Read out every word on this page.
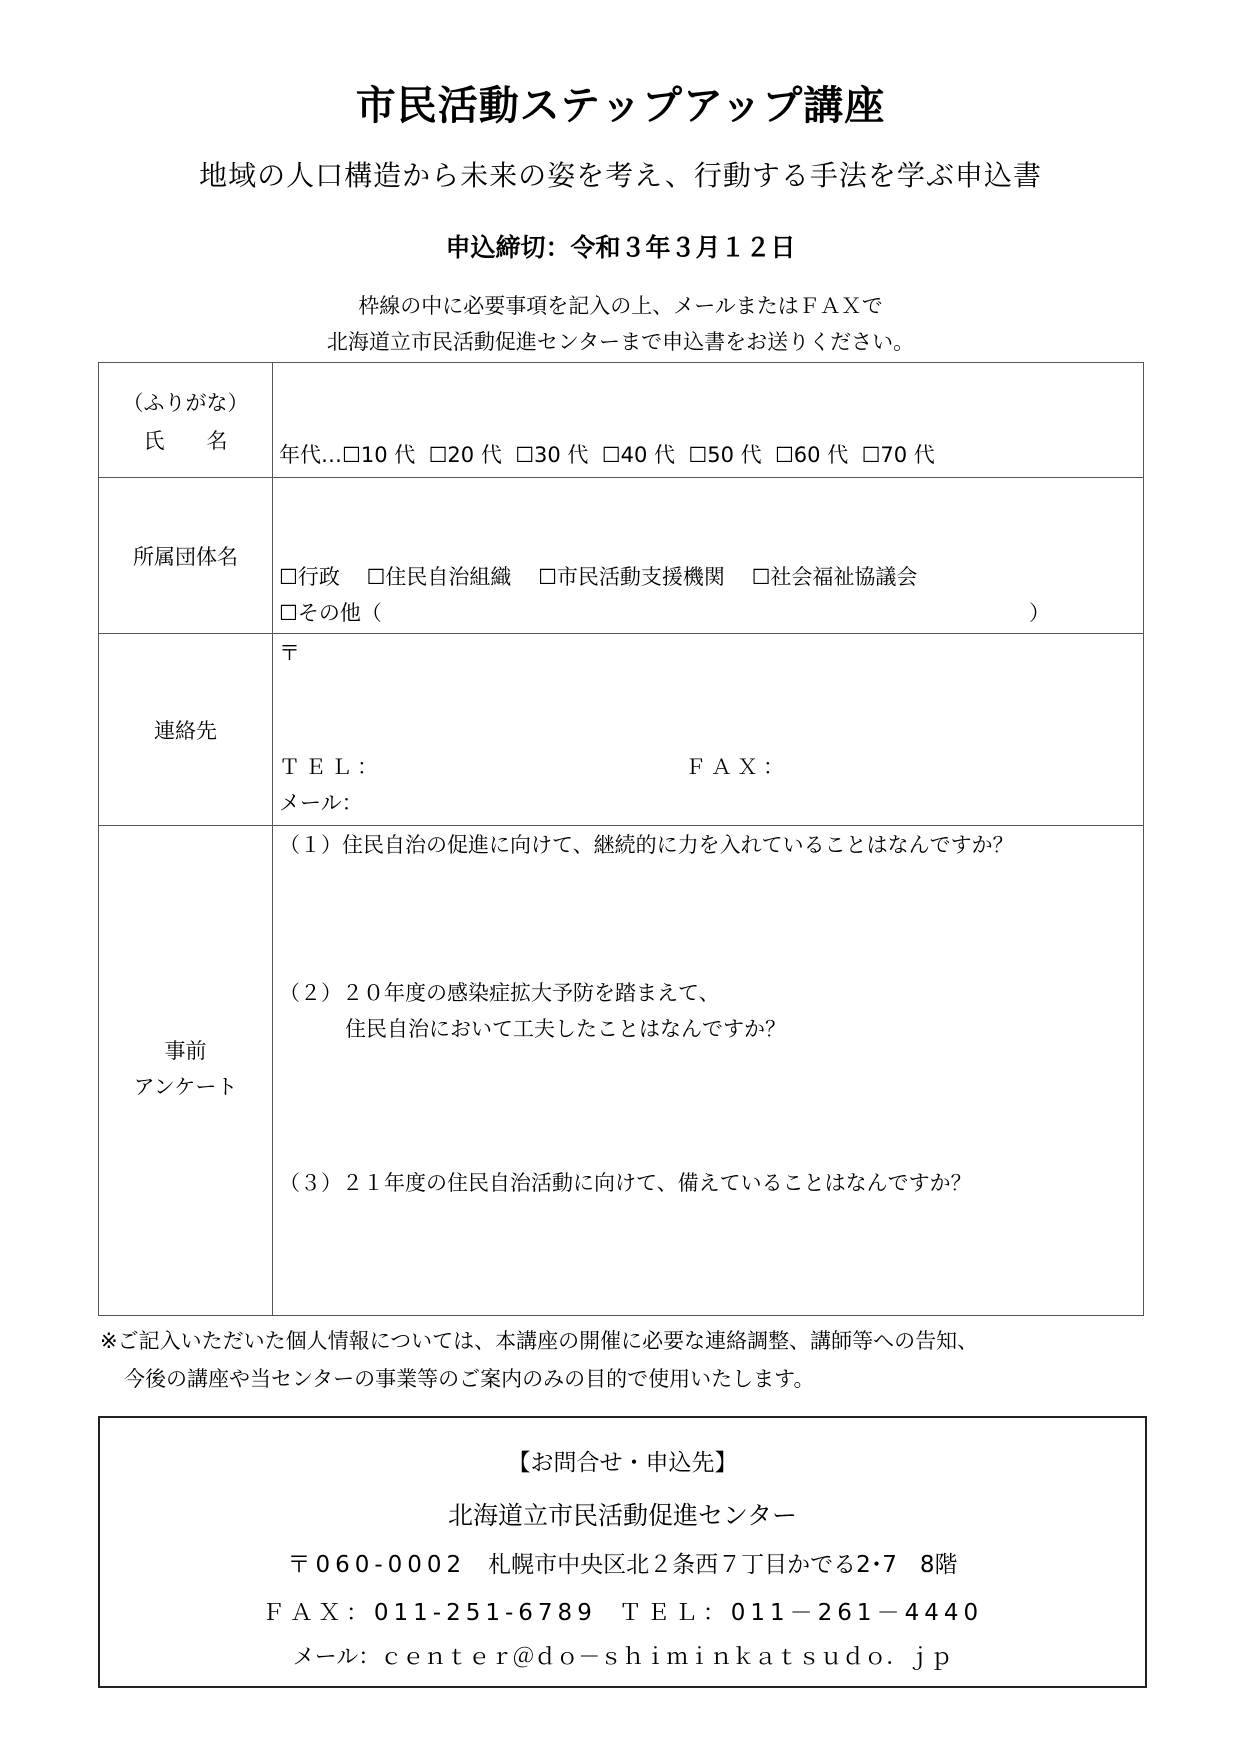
市民活動ステップアップ講座
地域の人口構造から未来の姿を考え、行動する手法を学ぶ申込書
申込締切：令和３年３月１２日
枠線の中に必要事項を記入の上、メールまたはＦＡＸで
北海道立市民活動促進センターまで申込書をお送りください。
（ふりがな）
氏　　名
年代…☐10 代 ☐20 代 ☐30 代 ☐40 代 ☐50 代 ☐60 代 ☐70 代
所属団体名
☐行政 ☐住民自治組織 ☐市民活動支援機関 ☐社会福祉協議会
☐その他（	）
連絡先
〒
ＴＥＬ：	ＦＡＸ：
メール：
事前
アンケート
（１）住民自治の促進に向けて、継続的に力を入れていることはなんですか？
（２）２０年度の感染症拡大予防を踏まえて、
住民自治において工夫したことはなんですか？
（３）２１年度の住民自治活動に向けて、備えていることはなんですか？
※ご記入いただいた個人情報については、本講座の開催に必要な連絡調整、講師等への告知、
今後の講座や当センターの事業等のご案内のみの目的で使用いたします。
【お問合せ・申込先】
北海道立市民活動促進センター
〒060‐0002 札幌市中央区北２条西７丁目かでる2･7　8階
ＦＡＸ：011‐251‐6789 ＴＥＬ：011－261－4440
メール：ｃｅｎｔｅｒ＠ｄｏ－ｓｈｉｍｉｎｋａｔｓｕｄｏ．ｊｐ
